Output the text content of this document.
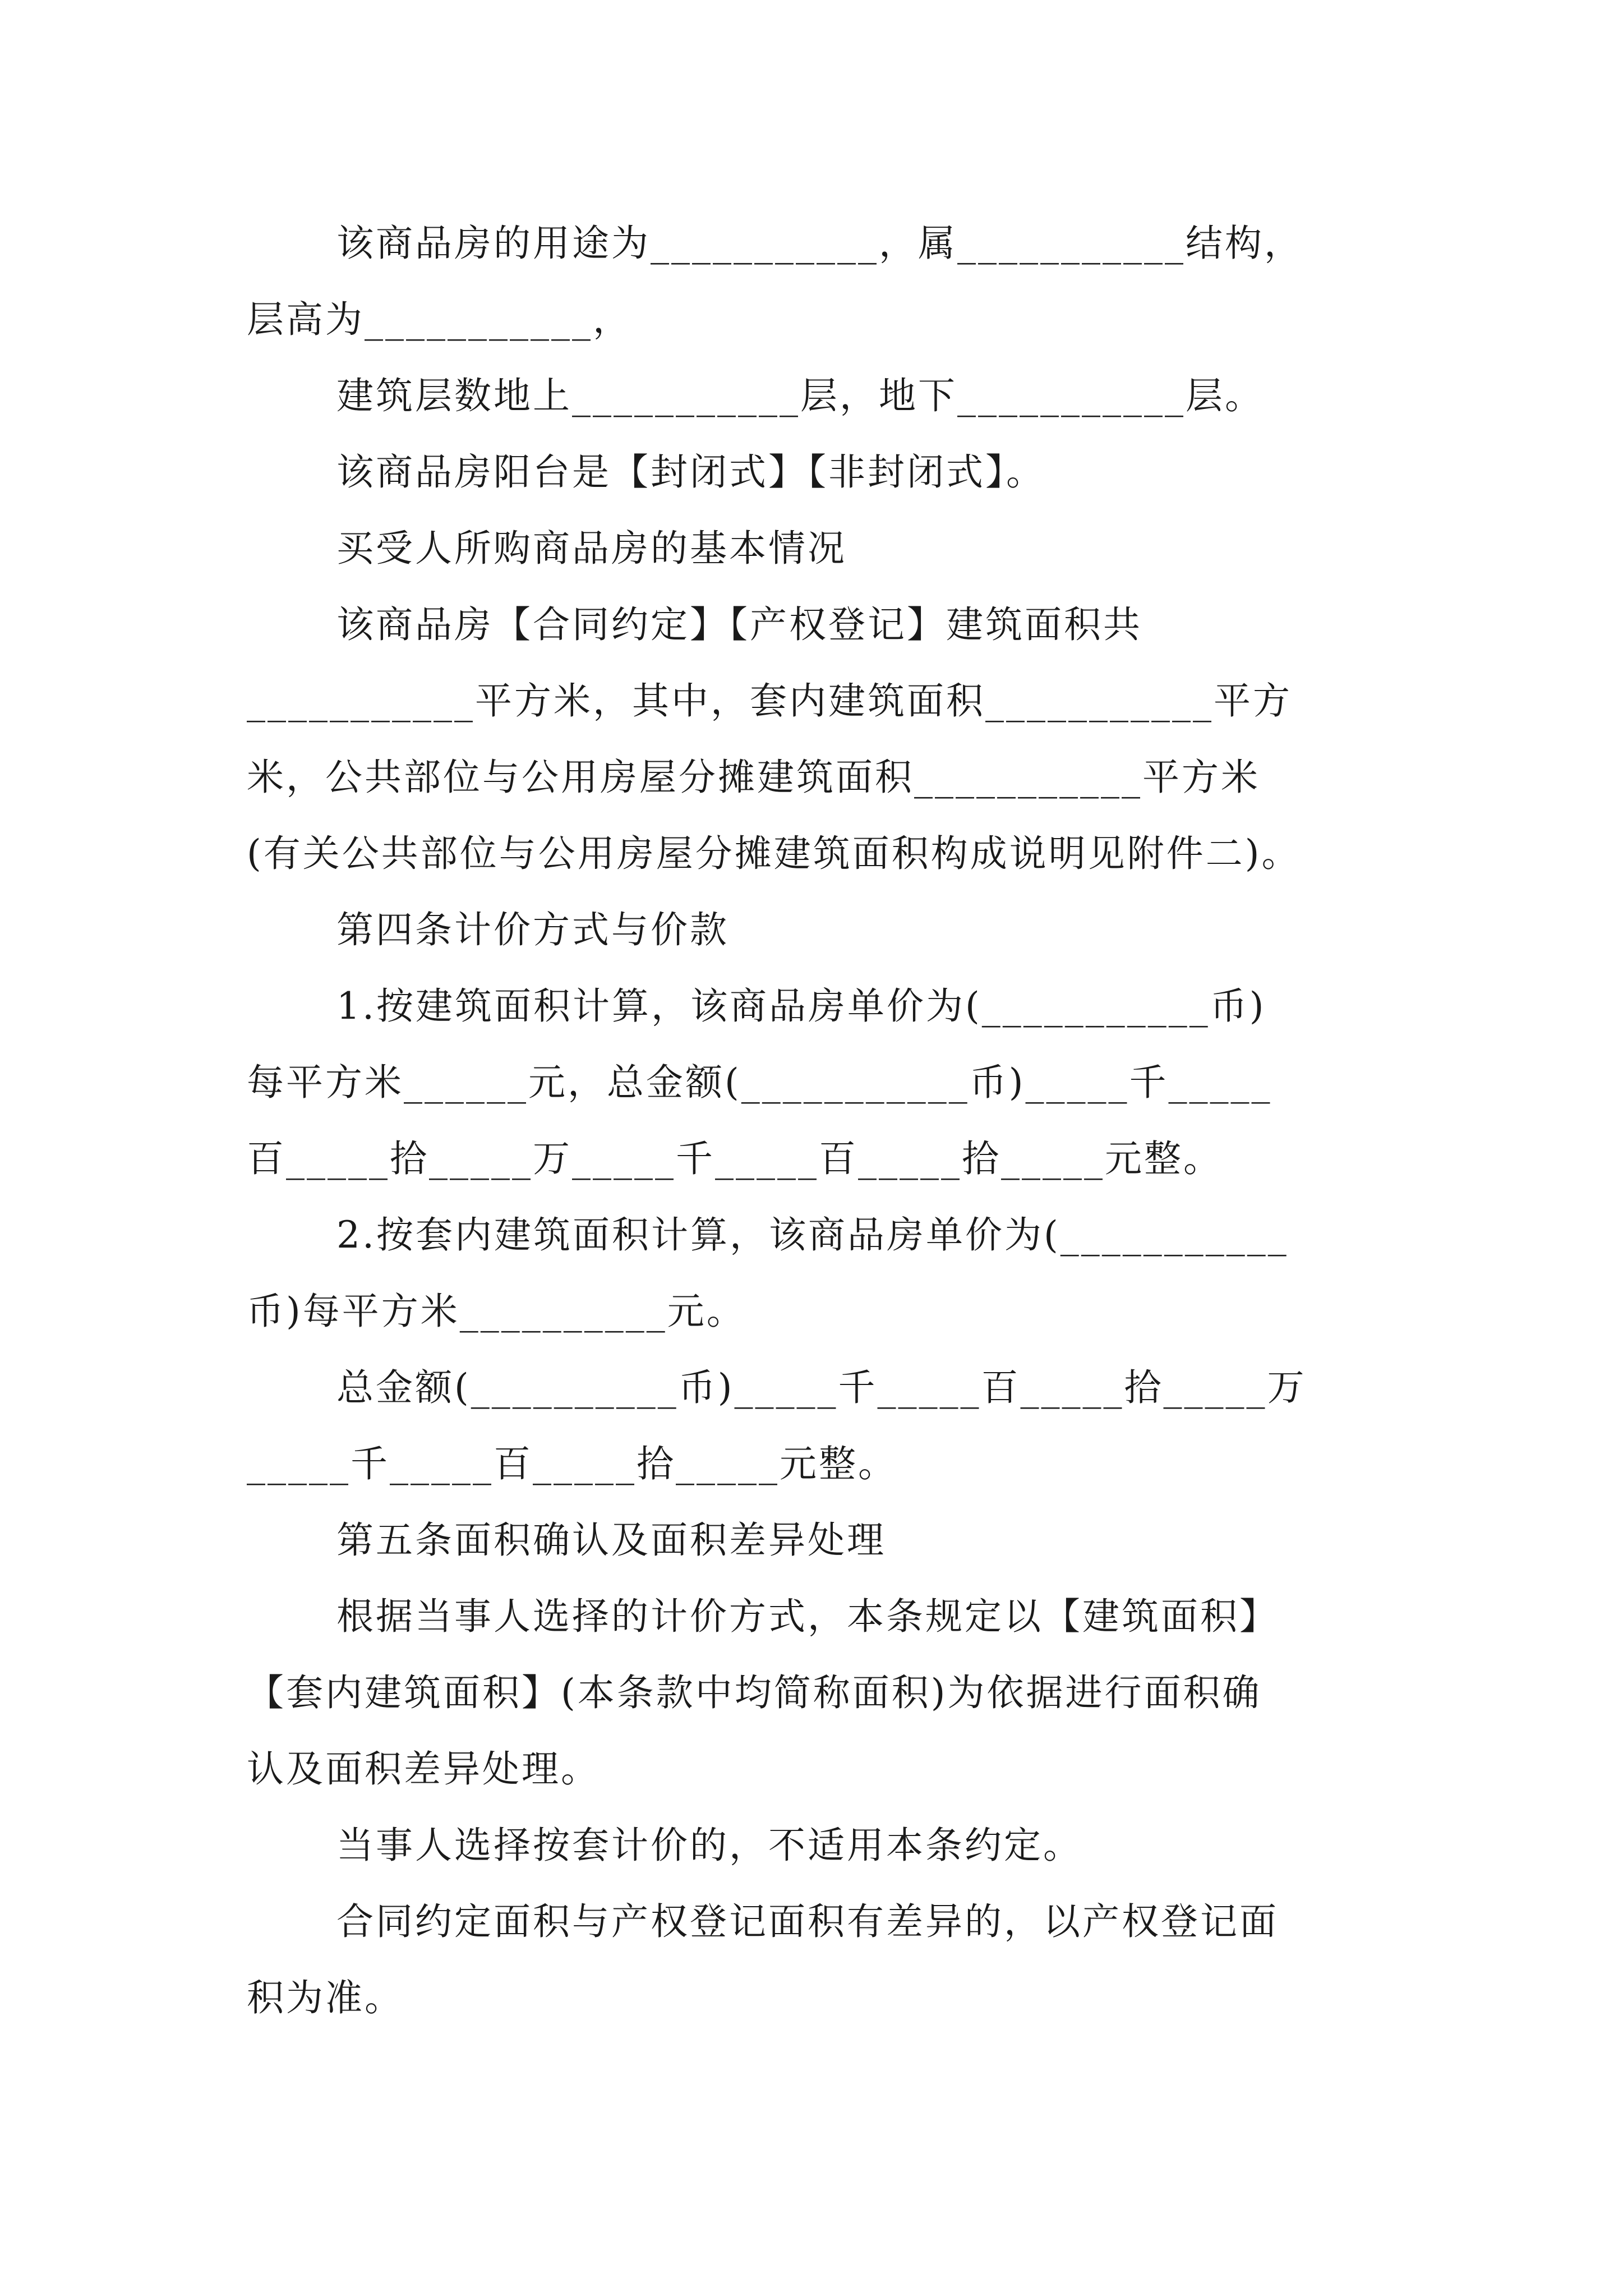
该商品房的用途为___________，属___________结构，
层高为___________，
建筑层数地上___________层，地下___________层。
该商品房阳台是【封闭式】【非封闭式】。
买受人所购商品房的基本情况
该商品房【合同约定】【产权登记】建筑面积共
___________平方米，其中，套内建筑面积___________平方
米，公共部位与公用房屋分摊建筑面积___________平方米
(有关公共部位与公用房屋分摊建筑面积构成说明见附件二)。
第四条计价方式与价款
1.按建筑面积计算，该商品房单价为(___________币)
每平方米______元，总金额(___________币)_____千_____
百_____拾_____万_____千_____百_____拾_____元整。
2.按套内建筑面积计算，该商品房单价为(___________
币)每平方米__________元。
总金额(__________币)_____千_____百_____拾_____万
_____千_____百_____拾_____元整。
第五条面积确认及面积差异处理
根据当事人选择的计价方式，本条规定以【建筑面积】
【套内建筑面积】(本条款中均简称面积)为依据进行面积确
认及面积差异处理。
当事人选择按套计价的，不适用本条约定。
合同约定面积与产权登记面积有差异的，以产权登记面
积为准。
